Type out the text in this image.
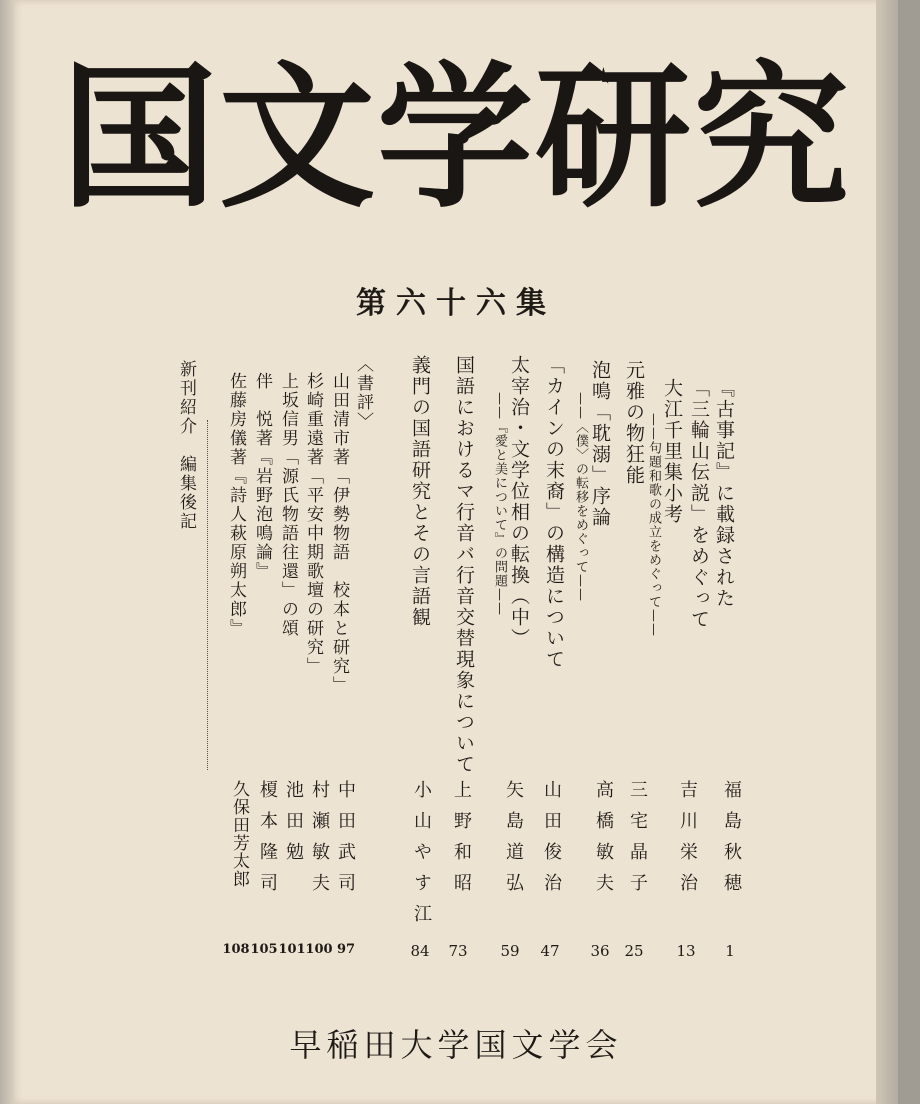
国文学研究
第六十六集
『古事記』に載録された
「三輪山伝説」をめぐって
大江千里集小考
——句題和歌の成立をめぐって——
元雅の物狂能
泡鳴「耽溺」序論
——〈僕〉の転移をめぐって——
「カインの末裔」の構造について
太宰治・文学位相の転換（中）
——『愛と美について』の問題——
国語におけるマ行音バ行音交替現象について
義門の国語研究とその言語観
〈書評〉
山田清市著「伊勢物語　校本と研究」
杉崎重遠著「平安中期歌壇の研究」
上坂信男「源氏物語往還」の頌
伴　悦著『岩野泡鳴論』
佐藤房儀著『詩人萩原朔太郎』
新刊紹介
編集後記
福島秋穂
吉川栄治
三宅晶子
高橋敏夫
山田俊治
矢島道弘
上野和昭
小山やす江
中田武司
村瀬敏夫
池田勉
榎本隆司
久保田芳太郎
1
13
25
36
47
59
73
84
97
100
101
105
108
早稲田大学国文学会
